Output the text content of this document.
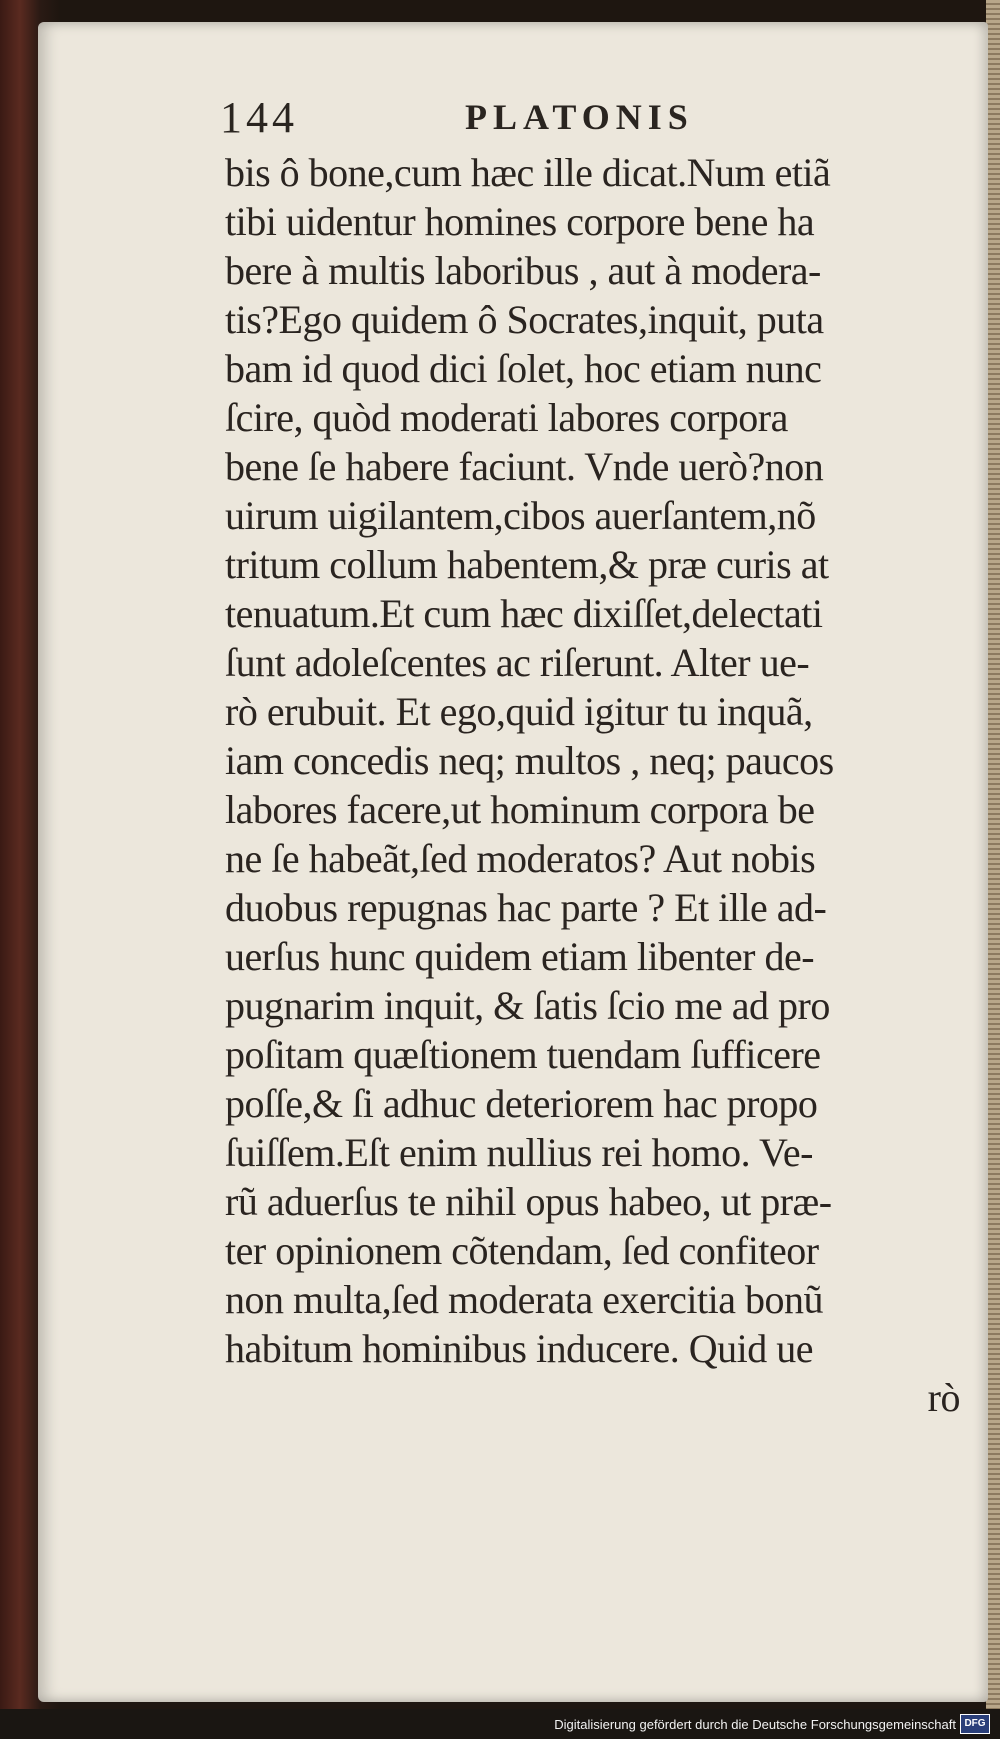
144	PLATONIS
bis ô bone,cum hæc ille dicat.Num etiã
tibi uidentur homines corpore bene ha
bere à multis laboribus , aut à modera-
tis?Ego quidem ô Socrates,inquit, puta
bam id quod dici ſolet, hoc etiam nunc
ſcire, quòd moderati labores corpora
bene ſe habere faciunt. Vnde uerò?non
uirum uigilantem,cibos auerſantem,nõ
tritum collum habentem,& præ curis at
tenuatum.Et cum hæc dixiſſet,delectati
ſunt adoleſcentes ac riſerunt. Alter ue-
rò erubuit. Et ego,quid igitur tu inquã,
iam concedis neq; multos , neq; paucos
labores facere,ut hominum corpora be
ne ſe habeãt,ſed moderatos? Aut nobis
duobus repugnas hac parte ? Et ille ad-
uerſus hunc quidem etiam libenter de-
pugnarim inquit, & ſatis ſcio me ad pro
poſitam quæſtionem tuendam ſufficere
poſſe,& ſi adhuc deteriorem hac propo
ſuiſſem.Eſt enim nullius rei homo. Ve-
rũ aduerſus te nihil opus habeo, ut præ-
ter opinionem cõtendam, ſed confiteor
non multa,ſed moderata exercitia bonũ
habitum hominibus inducere. Quid ue
rò
Digitalisierung gefördert durch die Deutsche Forschungsgemeinschaft DFG
